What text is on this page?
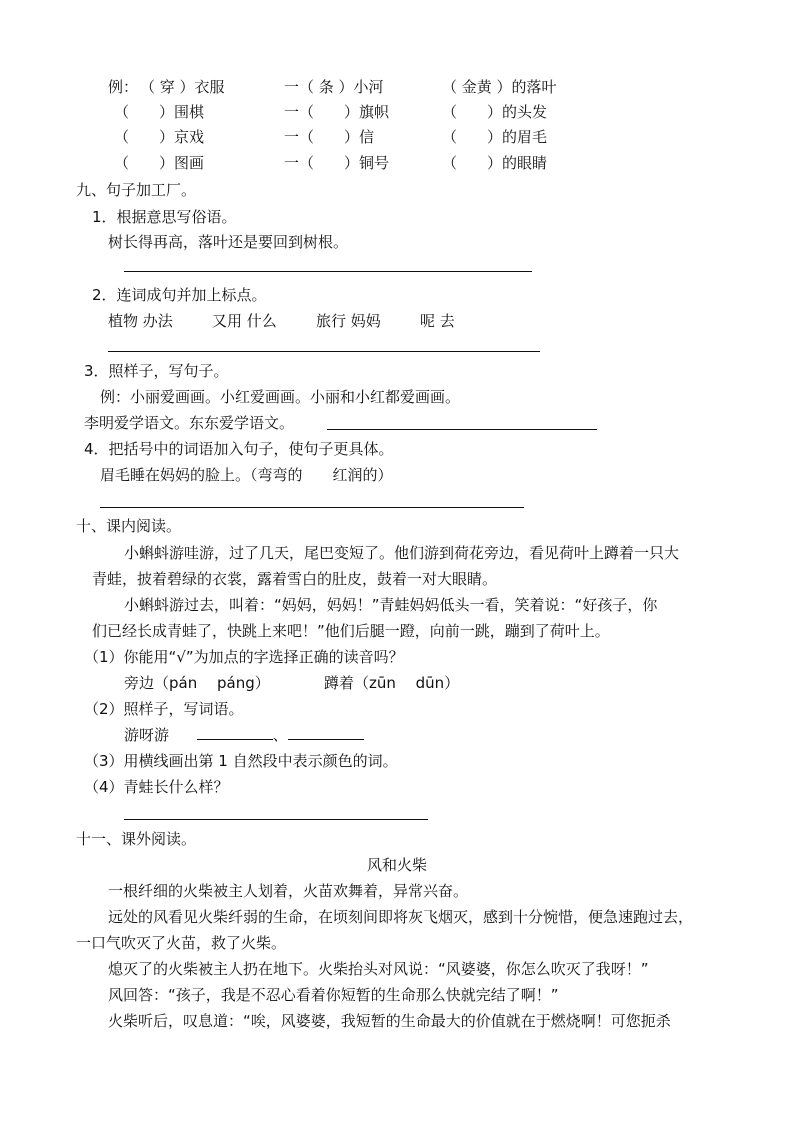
例： （ 穿 ）衣服	一（ 条 ）小河	（ 金黄 ）的落叶
（　　）围棋	一（　　）旗帜	（　　）的头发
（　　）京戏	一（　　）信	（　　）的眉毛
（　　）图画	一（　　）铜号	（　　）的眼睛
九、句子加工厂。
1．根据意思写俗语。
树长得再高，落叶还是要回到树根。
2．连词成句并加上标点。
植物 办法	又用 什么	旅行 妈妈	呢 去
3．照样子，写句子。
例：小丽爱画画。小红爱画画。小丽和小红都爱画画。
李明爱学语文。东东爱学语文。
4．把括号中的词语加入句子，使句子更具体。
眉毛睡在妈妈的脸上。（弯弯的　　红润的）
十、课内阅读。
小蝌蚪游哇游，过了几天，尾巴变短了。他们游到荷花旁边，看见荷叶上蹲着一只大
青蛙，披着碧绿的衣裳，露着雪白的肚皮，鼓着一对大眼睛。
小蝌蚪游过去，叫着：“妈妈，妈妈！”青蛙妈妈低头一看，笑着说：“好孩子，你
们已经长成青蛙了，快跳上来吧！”他们后腿一蹬，向前一跳，蹦到了荷叶上。
（1）你能用“√”为加点的字选择正确的读音吗？
旁边（pán　 páng）	蹲着（zūn　 dūn）
（2）照样子，写词语。
游呀游	、
（3）用横线画出第 1 自然段中表示颜色的词。
（4）青蛙长什么样？
十一、课外阅读。
风和火柴
一根纤细的火柴被主人划着，火苗欢舞着，异常兴奋。
远处的风看见火柴纤弱的生命，在顷刻间即将灰飞烟灭，感到十分惋惜，便急速跑过去，
一口气吹灭了火苗，救了火柴。
熄灭了的火柴被主人扔在地下。火柴抬头对风说：“风婆婆，你怎么吹灭了我呀！”
风回答：“孩子，我是不忍心看着你短暂的生命那么快就完结了啊！”
火柴听后，叹息道：“唉，风婆婆，我短暂的生命最大的价值就在于燃烧啊！可您扼杀
